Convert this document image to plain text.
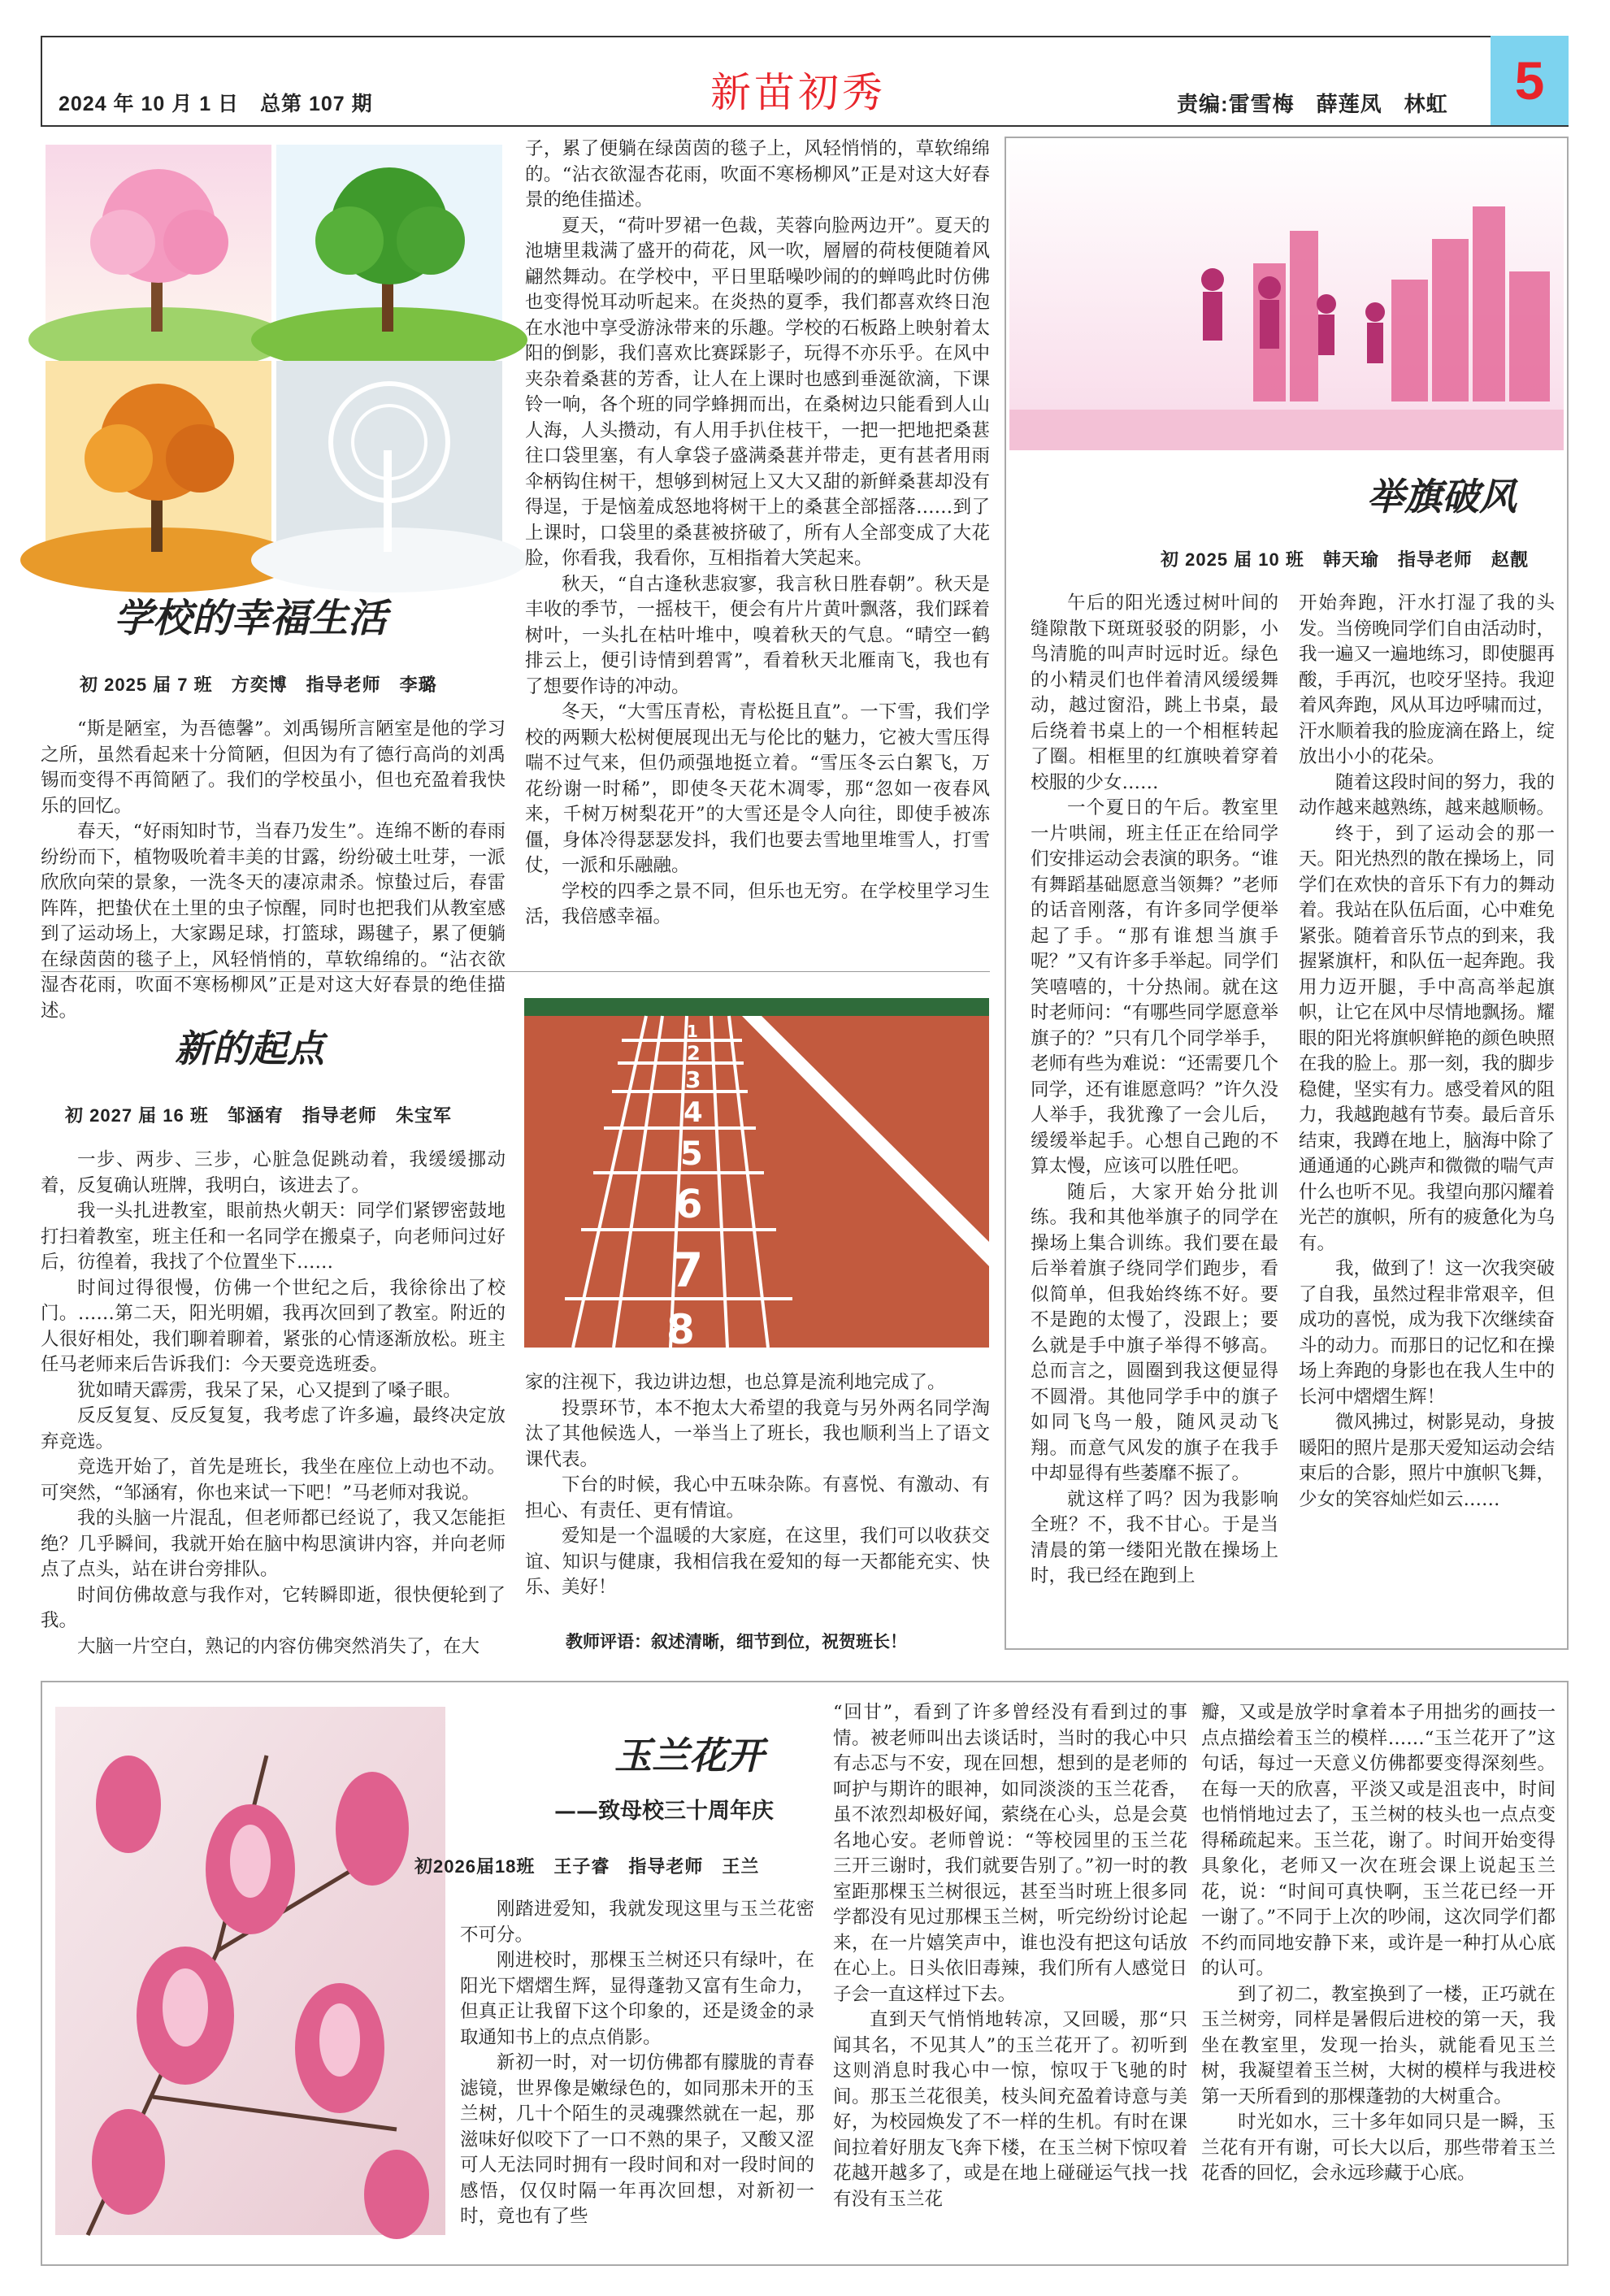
2024 年 10 月 1 日　总第 107 期	新苗初秀	责编:雷雪梅　薛莲凤　林虹	5
学校的幸福生活
初 2025 届 7 班　方奕博　指导老师　李璐

“斯是陋室，为吾德馨”。刘禹锡所言陋室是他的学习之所，虽然看起来十分简陋，但因为有了德行高尚的刘禹锡而变得不再简陋了。我们的学校虽小，但也充盈着我快乐的回忆。

春天，“好雨知时节，当春乃发生”。连绵不断的春雨纷纷而下，植物吸吮着丰美的甘露，纷纷破土吐芽，一派欣欣向荣的景象，一洗冬天的凄凉肃杀。惊蛰过后，春雷阵阵，把蛰伏在土里的虫子惊醒，同时也把我们从教室感到了运动场上，大家踢足球，打篮球，踢毽子，累了便躺在绿茵茵的毯子上，风轻悄悄的，草软绵绵的。“沾衣欲湿杏花雨，吹面不寒杨柳风”正是对这大好春景的绝佳描述。

子，累了便躺在绿茵茵的毯子上，风轻悄悄的，草软绵绵的。“沾衣欲湿杏花雨，吹面不寒杨柳风”正是对这大好春景的绝佳描述。

夏天，“荷叶罗裙一色裁，芙蓉向脸两边开”。夏天的池塘里栽满了盛开的荷花，风一吹，層層的荷枝便随着风翩然舞动。在学校中，平日里聒噪吵闹的的蝉鸣此时仿佛也变得悦耳动听起来。在炎热的夏季，我们都喜欢终日泡在水池中享受游泳带来的乐趣。学校的石板路上映射着太阳的倒影，我们喜欢比赛踩影子，玩得不亦乐乎。在风中夹杂着桑葚的芳香，让人在上课时也感到垂涎欲滴，下课铃一响，各个班的同学蜂拥而出，在桑树边只能看到人山人海，人头攒动，有人用手扒住枝干，一把一把地把桑葚往口袋里塞，有人拿袋子盛满桑葚并带走，更有甚者用雨伞柄钩住树干，想够到树冠上又大又甜的新鲜桑葚却没有得逞，于是恼羞成怒地将树干上的桑葚全部摇落……到了上课时，口袋里的桑葚被挤破了，所有人全部变成了大花脸，你看我，我看你，互相指着大笑起来。

秋天，“自古逢秋悲寂寥，我言秋日胜春朝”。秋天是丰收的季节，一摇枝干，便会有片片黄叶飘落，我们踩着树叶，一头扎在枯叶堆中，嗅着秋天的气息。“晴空一鹤排云上，便引诗情到碧霄”，看着秋天北雁南飞，我也有了想要作诗的冲动。

冬天，“大雪压青松，青松挺且直”。一下雪，我们学校的两颗大松树便展现出无与伦比的魅力，它被大雪压得喘不过气来，但仍顽强地挺立着。“雪压冬云白絮飞，万花纷谢一时稀”，即使冬天花木凋零，那“忽如一夜春风来，千树万树梨花开”的大雪还是令人向往，即使手被冻僵，身体冷得瑟瑟发抖，我们也要去雪地里堆雪人，打雪仗，一派和乐融融。

学校的四季之景不同，但乐也无穷。在学校里学习生活，我倍感幸福。

新的起点
初 2027 届 16 班　邹涵宥　指导老师　朱宝军

一步、两步、三步，心脏急促跳动着，我缓缓挪动着，反复确认班牌，我明白，该进去了。

我一头扎进教室，眼前热火朝天：同学们紧锣密鼓地打扫着教室，班主任和一名同学在搬桌子，向老师问过好后，彷徨着，我找了个位置坐下……

时间过得很慢，仿佛一个世纪之后，我徐徐出了校门。……第二天，阳光明媚，我再次回到了教室。附近的人很好相处，我们聊着聊着，紧张的心情逐渐放松。班主任马老师来后告诉我们：今天要竞选班委。

犹如晴天霹雳，我呆了呆，心又提到了嗓子眼。

反反复复、反反复复，我考虑了许多遍，最终决定放弃竞选。

竞选开始了，首先是班长，我坐在座位上动也不动。可突然，“邹涵宥，你也来试一下吧！”马老师对我说。

我的头脑一片混乱，但老师都已经说了，我又怎能拒绝？几乎瞬间，我就开始在脑中构思演讲内容，并向老师点了点头，站在讲台旁排队。

时间仿佛故意与我作对，它转瞬即逝，很快便轮到了我。

大脑一片空白，熟记的内容仿佛突然消失了，在大

1
2
3
4
5
6
7
8

家的注视下，我边讲边想，也总算是流利地完成了。

投票环节，本不抱太大希望的我竟与另外两名同学淘汰了其他候选人，一举当上了班长，我也顺利当上了语文课代表。

下台的时候，我心中五味杂陈。有喜悦、有激动、有担心、有责任、更有情谊。

爱知是一个温暖的大家庭，在这里，我们可以收获交谊、知识与健康，我相信我在爱知的每一天都能充实、快乐、美好！

教师评语：叙述清晰，细节到位，祝贺班长！
举旗破风
初 2025 届 10 班　韩天瑜　指导老师　赵靓

午后的阳光透过树叶间的缝隙散下斑斑驳驳的阴影，小鸟清脆的叫声时远时近。绿色的小精灵们也伴着清风缓缓舞动，越过窗沿，跳上书桌，最后绕着书桌上的一个相框转起了圈。相框里的红旗映着穿着校服的少女……

一个夏日的午后。教室里一片哄闹，班主任正在给同学们安排运动会表演的职务。“谁有舞蹈基础愿意当领舞？”老师的话音刚落，有许多同学便举起了手。“那有谁想当旗手呢？”又有许多手举起。同学们笑嘻嘻的，十分热闹。就在这时老师问：“有哪些同学愿意举旗子的？”只有几个同学举手，老师有些为难说：“还需要几个同学，还有谁愿意吗？”许久没人举手，我犹豫了一会儿后，缓缓举起手。心想自己跑的不算太慢，应该可以胜任吧。

随后，大家开始分批训练。我和其他举旗子的同学在操场上集合训练。我们要在最后举着旗子绕同学们跑步，看似简单，但我始终练不好。要不是跑的太慢了，没跟上；要么就是手中旗子举得不够高。总而言之，圆圈到我这便显得不圆滑。其他同学手中的旗子如同飞鸟一般，随风灵动飞翔。而意气风发的旗子在我手中却显得有些萎靡不振了。

就这样了吗？因为我影响全班？不，我不甘心。于是当清晨的第一缕阳光散在操场上时，我已经在跑到上

开始奔跑，汗水打湿了我的头发。当傍晚同学们自由活动时，我一遍又一遍地练习，即使腿再酸，手再沉，也咬牙坚持。我迎着风奔跑，风从耳边呼啸而过，汗水顺着我的脸庞滴在路上，绽放出小小的花朵。

随着这段时间的努力，我的动作越来越熟练，越来越顺畅。

终于，到了运动会的那一天。阳光热烈的散在操场上，同学们在欢快的音乐下有力的舞动着。我站在队伍后面，心中难免紧张。随着音乐节点的到来，我握紧旗杆，和队伍一起奔跑。我用力迈开腿，手中高高举起旗帜，让它在风中尽情地飘扬。耀眼的阳光将旗帜鲜艳的颜色映照在我的脸上。那一刻，我的脚步稳健，坚实有力。感受着风的阻力，我越跑越有节奏。最后音乐结束，我蹲在地上，脑海中除了通通通的心跳声和微微的喘气声什么也听不见。我望向那闪耀着光芒的旗帜，所有的疲惫化为乌有。

我，做到了！这一次我突破了自我，虽然过程非常艰辛，但成功的喜悦，成为我下次继续奋斗的动力。而那日的记忆和在操场上奔跑的身影也在我人生中的长河中熠熠生辉！

微风拂过，树影晃动，身披暖阳的照片是那天爱知运动会结束后的合影，照片中旗帜飞舞，少女的笑容灿烂如云……

玉兰花开
——致母校三十周年庆
初2026届18班　王子睿　指导老师　王兰

刚踏进爱知，我就发现这里与玉兰花密不可分。

刚进校时，那棵玉兰树还只有绿叶，在阳光下熠熠生辉，显得蓬勃又富有生命力，但真正让我留下这个印象的，还是烫金的录取通知书上的点点俏影。

新初一时，对一切仿佛都有朦胧的青春滤镜，世界像是嫩绿色的，如同那未开的玉兰树，几十个陌生的灵魂骤然就在一起，那滋味好似咬下了一口不熟的果子，又酸又涩可人无法同时拥有一段时间和对一段时间的感悟，仅仅时隔一年再次回想，对新初一时，竟也有了些

“回甘”，看到了许多曾经没有看到过的事情。被老师叫出去谈话时，当时的我心中只有忐忑与不安，现在回想，想到的是老师的呵护与期许的眼神，如同淡淡的玉兰花香，虽不浓烈却极好闻，萦绕在心头，总是会莫名地心安。老师曾说：“等校园里的玉兰花三开三谢时，我们就要告别了。”初一时的教室距那棵玉兰树很远，甚至当时班上很多同学都没有见过那棵玉兰树，听完纷纷讨论起来，在一片嬉笑声中，谁也没有把这句话放在心上。日头依旧毒辣，我们所有人感觉日子会一直这样过下去。

直到天气悄悄地转凉，又回暖，那“只闻其名，不见其人”的玉兰花开了。初听到这则消息时我心中一惊，惊叹于飞驰的时间。那玉兰花很美，枝头间充盈着诗意与美好，为校园焕发了不一样的生机。有时在课间拉着好朋友飞奔下楼，在玉兰树下惊叹着花越开越多了，或是在地上碰碰运气找一找有没有玉兰花

瓣，又或是放学时拿着本子用拙劣的画技一点点描绘着玉兰的模样……“玉兰花开了”这句话，每过一天意义仿佛都要变得深刻些。在每一天的欣喜，平淡又或是沮丧中，时间也悄悄地过去了，玉兰树的枝头也一点点变得稀疏起来。玉兰花，谢了。时间开始变得具象化，老师又一次在班会课上说起玉兰花，说：“时间可真快啊，玉兰花已经一开一谢了。”不同于上次的吵闹，这次同学们都不约而同地安静下来，或许是一种打从心底的认可。

到了初二，教室换到了一楼，正巧就在玉兰树旁，同样是暑假后进校的第一天，我坐在教室里，发现一抬头，就能看见玉兰树，我凝望着玉兰树，大树的模样与我进校第一天所看到的那棵蓬勃的大树重合。

时光如水，三十多年如同只是一瞬，玉兰花有开有谢，可长大以后，那些带着玉兰花香的回忆，会永远珍藏于心底。
